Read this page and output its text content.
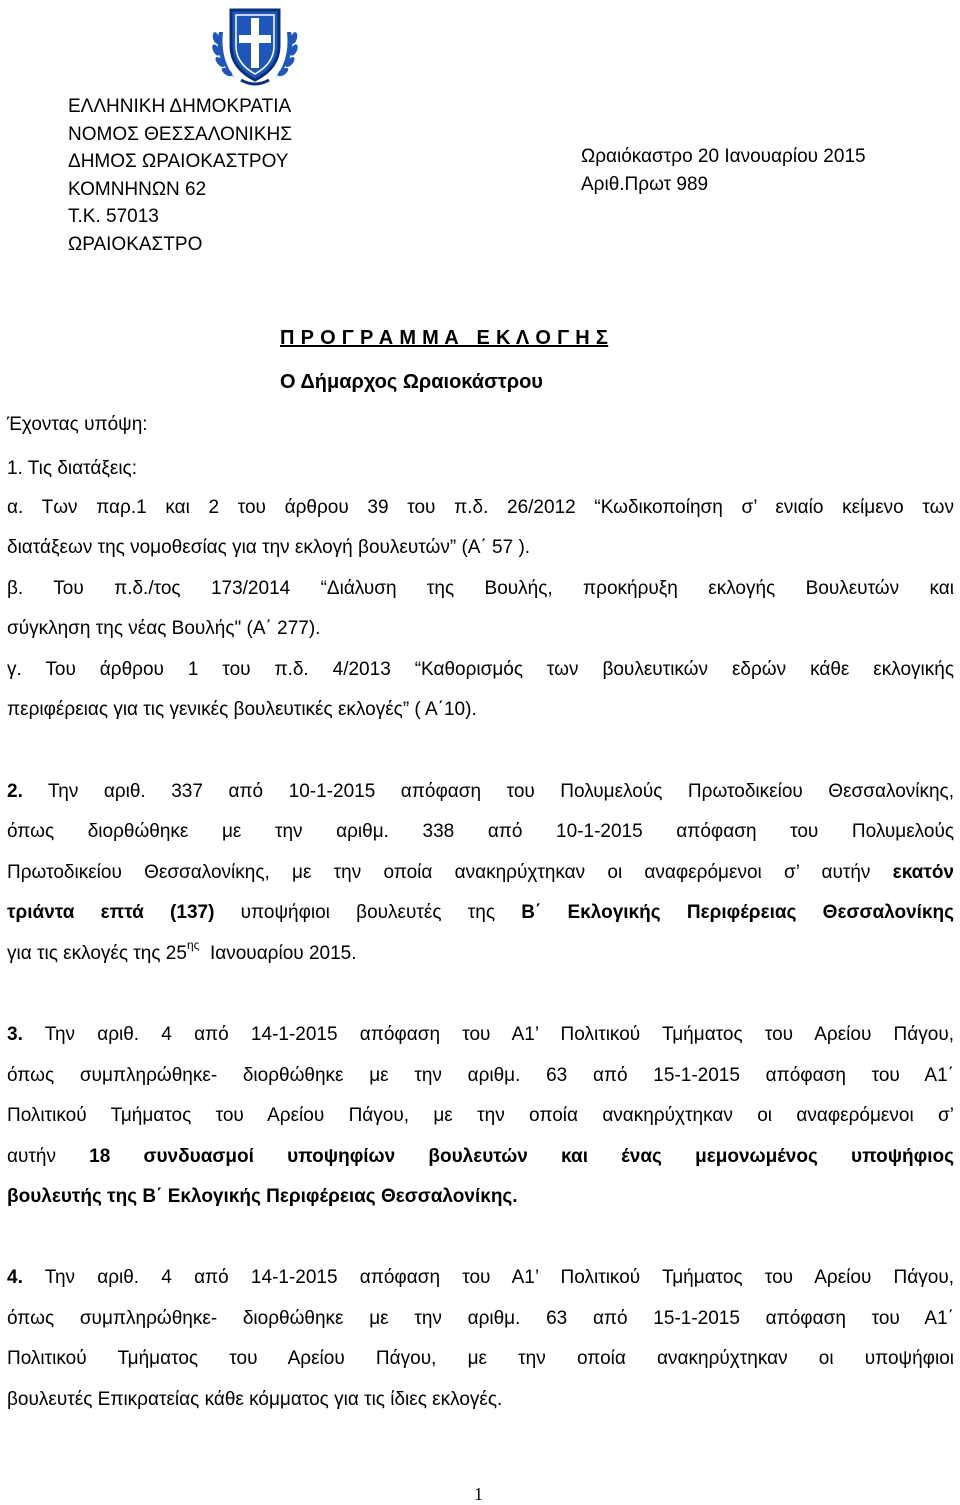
ΕΛΛΗΝΙΚΗ ΔΗΜΟΚΡΑΤΙΑ
ΝΟΜΟΣ ΘΕΣΣΑΛΟΝΙΚΗΣ
ΔΗΜΟΣ ΩΡΑΙΟΚΑΣΤΡΟΥ
ΚΟΜΝΗΝΩΝ 62
Τ.Κ. 57013
ΩΡΑΙΟΚΑΣΤΡΟ
Ωραιόκαστρο 20 Ιανουαρίου 2015
Αριθ.Πρωτ 989
Π Ρ Ο Γ Ρ Α Μ Μ Α   Ε Κ Λ Ο Γ Η Σ
Ο Δήμαρχος Ωραιοκάστρου
Έχοντας υπόψη:
1. Τις διατάξεις:
α. Των παρ.1 και 2 του άρθρου 39 του π.δ. 26/2012 “Κωδικοποίηση σ’ ενιαίο κείμενο των
διατάξεων της νομοθεσίας για την εκλογή βουλευτών” (Α΄ 57 ).
β. Του π.δ./τος 173/2014 “Διάλυση της Βουλής, προκήρυξη εκλογής Βουλευτών και
σύγκληση της νέας Βουλής" (Α΄ 277).
γ. Του άρθρου 1 του π.δ. 4/2013 “Καθορισμός των βουλευτικών εδρών κάθε εκλογικής
περιφέρειας για τις γενικές βουλευτικές εκλογές” ( Α΄10).
2. Την αριθ. 337 από 10-1-2015 απόφαση του Πολυμελούς Πρωτοδικείου Θεσσαλονίκης,
όπως διορθώθηκε με την αριθμ. 338 από 10-1-2015 απόφαση του Πολυμελούς
Πρωτοδικείου Θεσσαλονίκης, με την οποία ανακηρύχτηκαν οι αναφερόμενοι σ’ αυτήν εκατόν
τριάντα επτά (137) υποψήφιοι βουλευτές της Β΄ Εκλογικής Περιφέρειας Θεσσαλονίκης
για τις εκλογές της $25^{\eta\varsigma}$  Ιανουαρίου 2015.
3. Την αριθ. 4 από 14-1-2015 απόφαση του Α1’ Πολιτικού Τμήματος του Αρείου Πάγου,
όπως συμπληρώθηκε- διορθώθηκε με την αριθμ. 63 από 15-1-2015 απόφαση του Α1΄
Πολιτικού Τμήματος του Αρείου Πάγου, με την οποία ανακηρύχτηκαν οι αναφερόμενοι σ’
αυτήν 18 συνδυασμοί υποψηφίων βουλευτών και ένας μεμονωμένος υποψήφιος
βουλευτής της Β΄ Εκλογικής Περιφέρειας Θεσσαλονίκης.
4. Την αριθ. 4 από 14-1-2015 απόφαση του Α1’ Πολιτικού Τμήματος του Αρείου Πάγου,
όπως συμπληρώθηκε- διορθώθηκε με την αριθμ. 63 από 15-1-2015 απόφαση του Α1΄
Πολιτικού Τμήματος του Αρείου Πάγου, με την οποία ανακηρύχτηκαν οι υποψήφιοι
βουλευτές Επικρατείας κάθε κόμματος για τις ίδιες εκλογές.
1
